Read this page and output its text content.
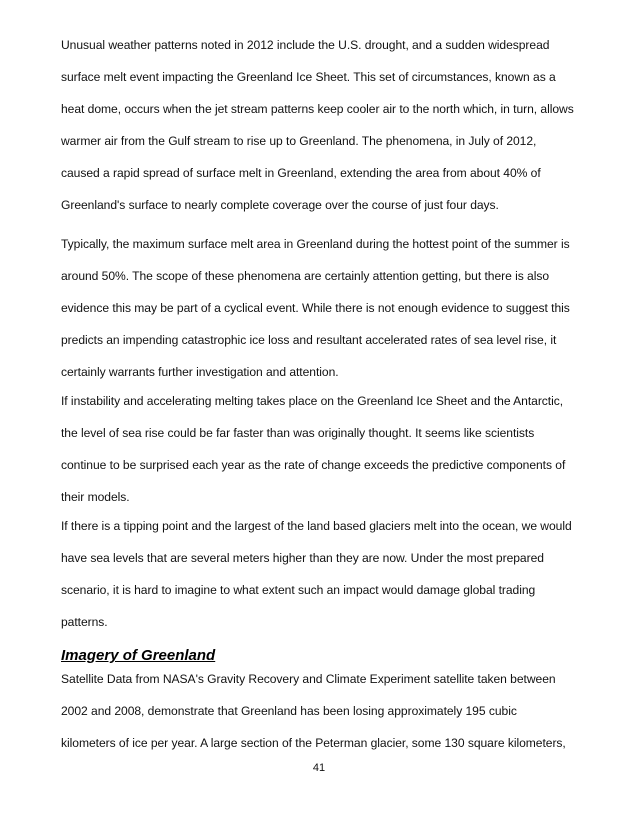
Unusual weather patterns noted in 2012 include the U.S. drought, and a sudden widespread
surface melt event impacting the Greenland Ice Sheet. This set of circumstances, known as a
heat dome, occurs when the jet stream patterns keep cooler air to the north which, in turn, allows
warmer air from the Gulf stream to rise up to Greenland. The phenomena, in July of 2012,
caused a rapid spread of surface melt in Greenland, extending the area from about 40% of
Greenland's surface to nearly complete coverage over the course of just four days.

Typically, the maximum surface melt area in Greenland during the hottest point of the summer is
around 50%. The scope of these phenomena are certainly attention getting, but there is also
evidence this may be part of a cyclical event. While there is not enough evidence to suggest this
predicts an impending catastrophic ice loss and resultant accelerated rates of sea level rise, it
certainly warrants further investigation and attention.

If instability and accelerating melting takes place on the Greenland Ice Sheet and the Antarctic,
the level of sea rise could be far faster than was originally thought. It seems like scientists
continue to be surprised each year as the rate of change exceeds the predictive components of
their models.

If there is a tipping point and the largest of the land based glaciers melt into the ocean, we would
have sea levels that are several meters higher than they are now. Under the most prepared
scenario, it is hard to imagine to what extent such an impact would damage global trading
patterns.

Imagery of Greenland

Satellite Data from NASA's Gravity Recovery and Climate Experiment satellite taken between
2002 and 2008, demonstrate that Greenland has been losing approximately 195 cubic
kilometers of ice per year. A large section of the Peterman glacier, some 130 square kilometers,

41
